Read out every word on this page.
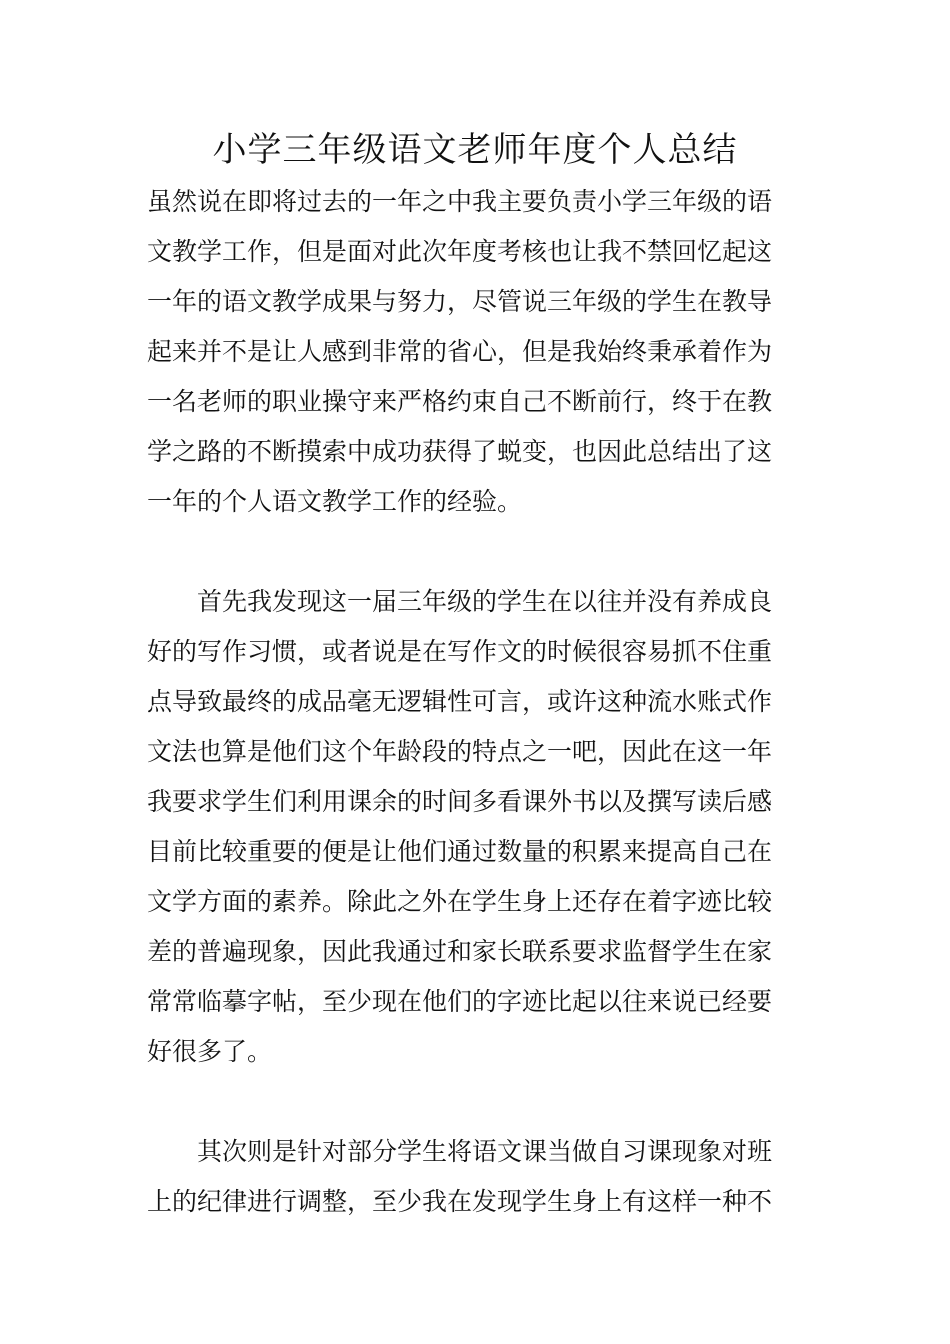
小学三年级语文老师年度个人总结
虽然说在即将过去的一年之中我主要负责小学三年级的语
文教学工作，但是面对此次年度考核也让我不禁回忆起这
一年的语文教学成果与努力，尽管说三年级的学生在教导
起来并不是让人感到非常的省心，但是我始终秉承着作为
一名老师的职业操守来严格约束自己不断前行，终于在教
学之路的不断摸索中成功获得了蜕变，也因此总结出了这
一年的个人语文教学工作的经验。
　　首先我发现这一届三年级的学生在以往并没有养成良
好的写作习惯，或者说是在写作文的时候很容易抓不住重
点导致最终的成品毫无逻辑性可言，或许这种流水账式作
文法也算是他们这个年龄段的特点之一吧，因此在这一年
我要求学生们利用课余的时间多看课外书以及撰写读后感
目前比较重要的便是让他们通过数量的积累来提高自己在
文学方面的素养。除此之外在学生身上还存在着字迹比较
差的普遍现象，因此我通过和家长联系要求监督学生在家
常常临摹字帖，至少现在他们的字迹比起以往来说已经要
好很多了。
　　其次则是针对部分学生将语文课当做自习课现象对班
上的纪律进行调整，至少我在发现学生身上有这样一种不
